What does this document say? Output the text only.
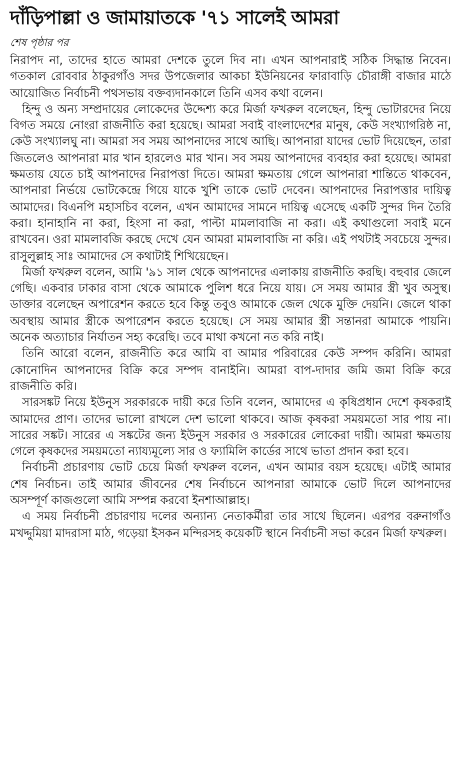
দাঁড়িপাল্লা ও জামায়াতকে '৭১ সালেই আমরা

শেষ পৃষ্ঠার পর

নিরাপদ না, তাদের হাতে আমরা দেশকে তুলে দিব না। এখন আপনারাই সঠিক সিদ্ধান্ত নিবেন। গতকাল রোববার ঠাকুরগাঁও সদর উপজেলার আকচা ইউনিয়নের ফারাবাড়ি চৌরাঙ্গী বাজার মাঠে আয়োজিত নির্বাচনী পথসভায় বক্তব্যদানকালে তিনি এসব কথা বলেন।

হিন্দু ও অন্য সম্প্রদায়ের লোকেদের উদ্দেশ্য করে মির্জা ফখরুল বলেছেন, হিন্দু ভোটারদের নিয়ে বিগত সময়ে নোংরা রাজনীতি করা হয়েছে। আমরা সবাই বাংলাদেশের মানুষ, কেউ সংখ্যাগরিষ্ঠ না, কেউ সংখ্যালঘু না। আমরা সব সময় আপনাদের সাথে আছি। আপনারা যাদের ভোট দিয়েছেন, তারা জিতলেও আপনারা মার খান হারলেও মার খান। সব সময় আপনাদের ব্যবহার করা হয়েছে। আমরা ক্ষমতায় যেতে চাই আপনাদের নিরাপত্তা দিতে। আমরা ক্ষমতায় গেলে আপনারা শান্তিতে থাকবেন, আপনারা নির্ভয়ে ভোটকেন্দ্রে গিয়ে যাকে খুশি তাকে ভোট দেবেন। আপনাদের নিরাপত্তার দায়িত্ব আমাদের। বিএনপি মহাসচিব বলেন, এখন আমাদের সামনে দায়িত্ব এসেছে একটি সুন্দর দিন তৈরি করা। হানাহানি না করা, হিংসা না করা, পাল্টা মামলাবাজি না করা। এই কথাগুলো সবাই মনে রাখবেন। ওরা মামলাবজি করছে দেখে যেন আমরা মামলাবাজি না করি। এই পথটাই সবচেয়ে সুন্দর। রাসুলুল্লাহ সাঃ আমাদের সে কথাটাই শিখিয়েছেন।

মির্জা ফখরুল বলেন, আমি '৯১ সাল থেকে আপনাদের এলাকায় রাজনীতি করছি। বহুবার জেলে গেছি। একবার ঢাকার বাসা থেকে আমাকে পুলিশ ধরে নিয়ে যায়। সে সময় আমার স্ত্রী খুব অসুস্থ। ডাক্তার বলেছেন অপারেশন করতে হবে কিন্তু তবুও আমাকে জেল থেকে মুক্তি দেয়নি। জেলে থাকা অবস্থায় আমার স্ত্রীকে অপারেশন করতে হয়েছে। সে সময় আমার স্ত্রী সন্তানরা আমাকে পায়নি। অনেক অত্যাচার নির্যাতন সহ্য করেছি। তবে মাথা কখনো নত করি নাই।

তিনি আরো বলেন, রাজনীতি করে আমি বা আমার পরিবারের কেউ সম্পদ করিনি। আমরা কোনোদিন আপনাদের বিক্রি করে সম্পদ বানাইনি। আমরা বাপ-দাদার জমি জমা বিক্রি করে রাজনীতি করি।

সারসঙ্কট নিয়ে ইউনুস সরকারকে দায়ী করে তিনি বলেন, আমাদের এ কৃষিপ্রধান দেশে কৃষকরাই আমাদের প্রাণ। তাদের ভালো রাখলে দেশ ভালো থাকবে। আজ কৃষকরা সময়মতো সার পায় না। সারের সঙ্কট। সারের এ সঙ্কটের জন্য ইউনুস সরকার ও সরকারের লোকেরা দায়ী। আমরা ক্ষমতায় গেলে কৃষকদের সময়মতো ন্যায্যমূল্যে সার ও ফ্যামিলি কার্ডের সাথে ভাতা প্রদান করা হবে।

নির্বাচনী প্রচারণায় ভোট চেয়ে মির্জা ফখরুল বলেন, এখন আমার বয়স হয়েছে। এটাই আমার শেষ নির্বাচন। তাই আমার জীবনের শেষ নির্বাচনে আপনারা আমাকে ভোট দিলে আপনাদের অসম্পূর্ণ কাজগুলো আমি সম্পন্ন করবো ইনশাআল্লাহ।

এ সময় নির্বাচনী প্রচারণায় দলের অন্যান্য নেতাকর্মীরা তার সাথে ছিলেন। এরপর বরুনাগাঁও মখদ্দুমিয়া মাদরাসা মাঠ, গড়েয়া ইসকন মন্দিরসহ কয়েকটি স্থানে নির্বাচনী সভা করেন মির্জা ফখরুল।
